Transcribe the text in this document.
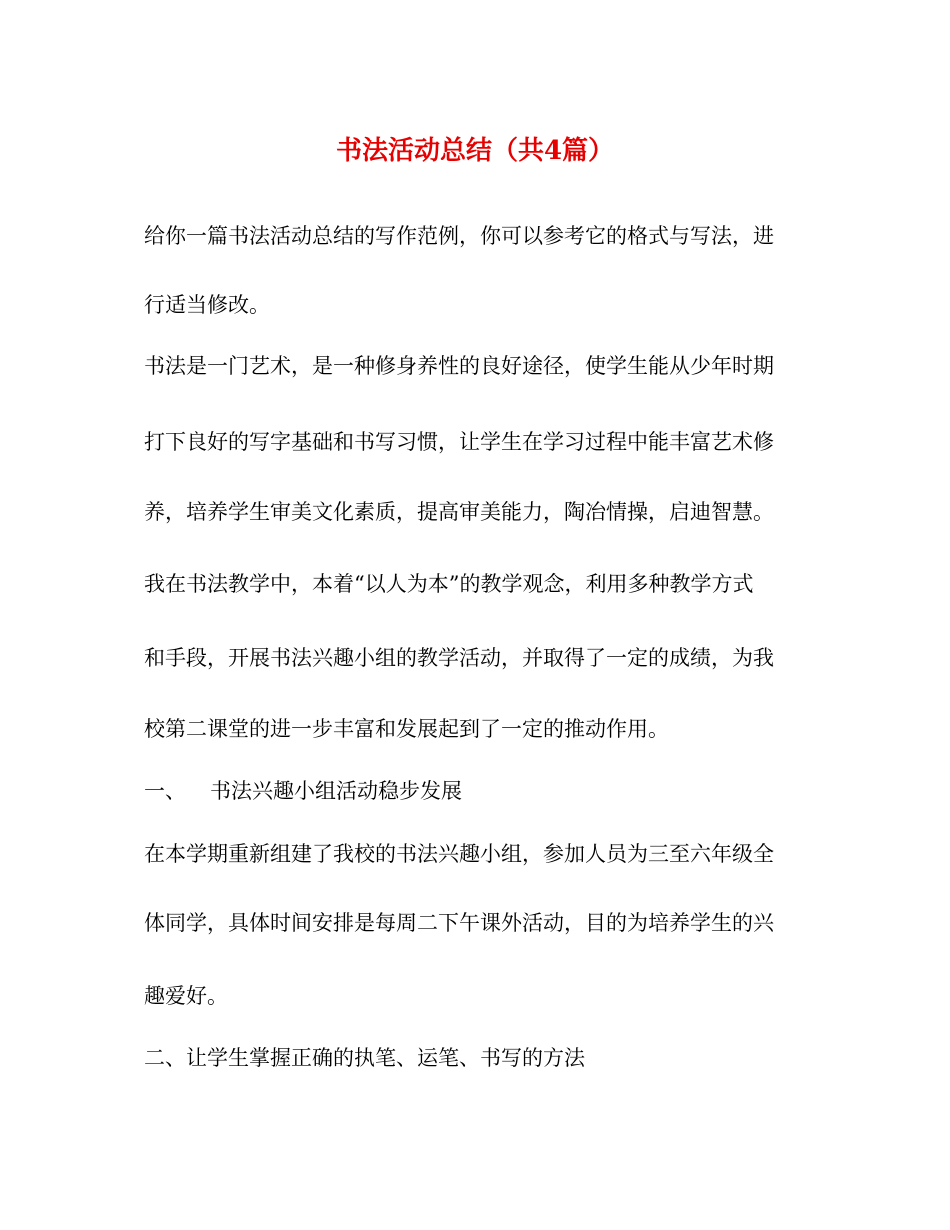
书法活动总结（共4篇）
给你一篇书法活动总结的写作范例，你可以参考它的格式与写法，进
行适当修改。
书法是一门艺术，是一种修身养性的良好途径，使学生能从少年时期
打下良好的写字基础和书写习惯，让学生在学习过程中能丰富艺术修
养，培养学生审美文化素质，提高审美能力，陶冶情操，启迪智慧。
我在书法教学中，本着“以人为本”的教学观念，利用多种教学方式
和手段，开展书法兴趣小组的教学活动，并取得了一定的成绩，为我
校第二课堂的进一步丰富和发展起到了一定的推动作用。
一、 书法兴趣小组活动稳步发展
在本学期重新组建了我校的书法兴趣小组，参加人员为三至六年级全
体同学，具体时间安排是每周二下午课外活动，目的为培养学生的兴
趣爱好。
二、让学生掌握正确的执笔、运笔、书写的方法
